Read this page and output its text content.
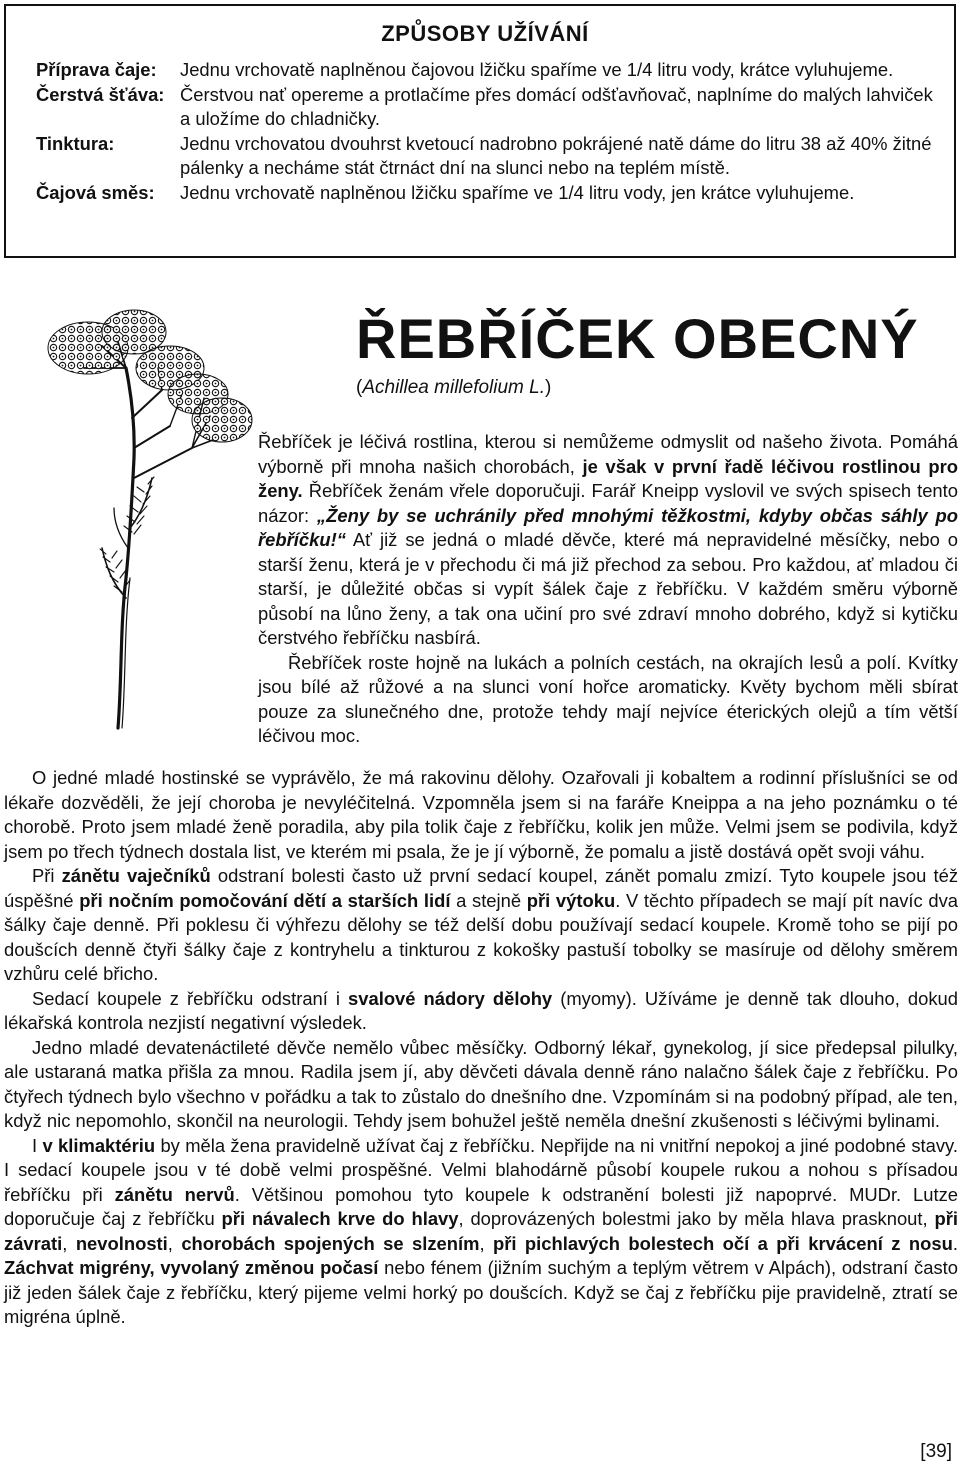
ZPŮSOBY UŽÍVÁNÍ
Příprava čaje:	Jednu vrchovatě naplněnou čajovou lžičku spaříme ve 1/4 litru vody, krátce vyluhujeme.
Čerstvá šťáva: Čerstvou nať opereme a protlačíme přes domácí odšťavňovač, naplníme do malých lahviček a uložíme do chladničky.
Tinktura:	Jednu vrchovatou dvouhrst kvetoucí nadrobno pokrájené natě dáme do litru 38 až 40% žitné pálenky a necháme stát čtrnáct dní na slunci nebo na teplém místě.
Čajová směs:	Jednu vrchovatě naplněnou lžičku spaříme ve 1/4 litru vody, jen krátce vyluhujeme.
ŘEBŘÍČEK OBECNÝ
(Achillea millefolium L.)

Řebříček je léčivá rostlina, kterou si nemůžeme odmyslit od našeho života. Pomáhá výborně při mnoha našich chorobách, je však v první řadě léčivou rostlinou pro ženy. Řebříček ženám vřele doporučuji. Farář Kneipp vyslovil ve svých spisech tento názor: „Ženy by se uchránily před mnohými těžkostmi, kdyby občas sáhly po řebříčku!“ Ať již se jedná o mladé děvče, které má nepravidelné měsíčky, nebo o starší ženu, která je v přechodu či má již přechod za sebou. Pro každou, ať mladou či starší, je důležité občas si vypít šálek čaje z řebříčku. V každém směru výborně působí na lůno ženy, a tak ona učiní pro své zdraví mnoho dobrého, když si kytičku čerstvého řebříčku nasbírá.

Řebříček roste hojně na lukách a polních cestách, na okrajích lesů a polí. Kvítky jsou bílé až růžové a na slunci voní hořce aromaticky. Květy bychom měli sbírat pouze za slunečného dne, protože tehdy mají nejvíce éterických olejů a tím větší léčivou moc.

O jedné mladé hostinské se vyprávělo, že má rakovinu dělohy. Ozařovali ji kobaltem a rodinní příslušníci se od lékaře dozvěděli, že její choroba je nevyléčitelná. Vzpomněla jsem si na faráře Kneippa a na jeho poznámku o té chorobě. Proto jsem mladé ženě poradila, aby pila tolik čaje z řebříčku, kolik jen může. Velmi jsem se podivila, když jsem po třech týdnech dostala list, ve kterém mi psala, že je jí výborně, že pomalu a jistě dostává opět svoji váhu.

Při zánětu vaječníků odstraní bolesti často už první sedací koupel, zánět pomalu zmizí. Tyto koupele jsou též úspěšné při nočním pomočování dětí a starších lidí a stejně při výtoku. V těchto případech se mají pít navíc dva šálky čaje denně. Při poklesu či výhřezu dělohy se též delší dobu používají sedací koupele. Kromě toho se pijí po doušcích denně čtyři šálky čaje z kontryhelu a tinkturou z kokošky pastuší tobolky se masíruje od dělohy směrem vzhůru celé břicho.

Sedací koupele z řebříčku odstraní i svalové nádory dělohy (myomy). Užíváme je denně tak dlouho, dokud lékařská kontrola nezjistí negativní výsledek.

Jedno mladé devatenáctileté děvče nemělo vůbec měsíčky. Odborný lékař, gynekolog, jí sice předepsal pilulky, ale ustaraná matka přišla za mnou. Radila jsem jí, aby děvčeti dávala denně ráno nalačno šálek čaje z řebříčku. Po čtyřech týdnech bylo všechno v pořádku a tak to zůstalo do dnešního dne. Vzpomínám si na podobný případ, ale ten, když nic nepomohlo, skončil na neurologii. Tehdy jsem bohužel ještě neměla dnešní zkušenosti s léčivými bylinami.

I v klimaktériu by měla žena pravidelně užívat čaj z řebříčku. Nepřijde na ni vnitřní nepokoj a jiné podobné stavy. I sedací koupele jsou v té době velmi prospěšné. Velmi blahodárně působí koupele rukou a nohou s přísadou řebříčku při zánětu nervů. Většinou pomohou tyto koupele k odstranění bolesti již napoprvé. MUDr. Lutze doporučuje čaj z řebříčku při návalech krve do hlavy, doprovázených bolestmi jako by měla hlava prasknout, při závrati, nevolnosti, chorobách spojených se slzením, při pichlavých bolestech očí a při krvácení z nosu. Záchvat migrény, vyvolaný změnou počasí nebo fénem (jižním suchým a teplým větrem v Alpách), odstraní často již jeden šálek čaje z řebříčku, který pijeme velmi horký po doušcích. Když se čaj z řebříčku pije pravidelně, ztratí se migréna úplně.

[39]
